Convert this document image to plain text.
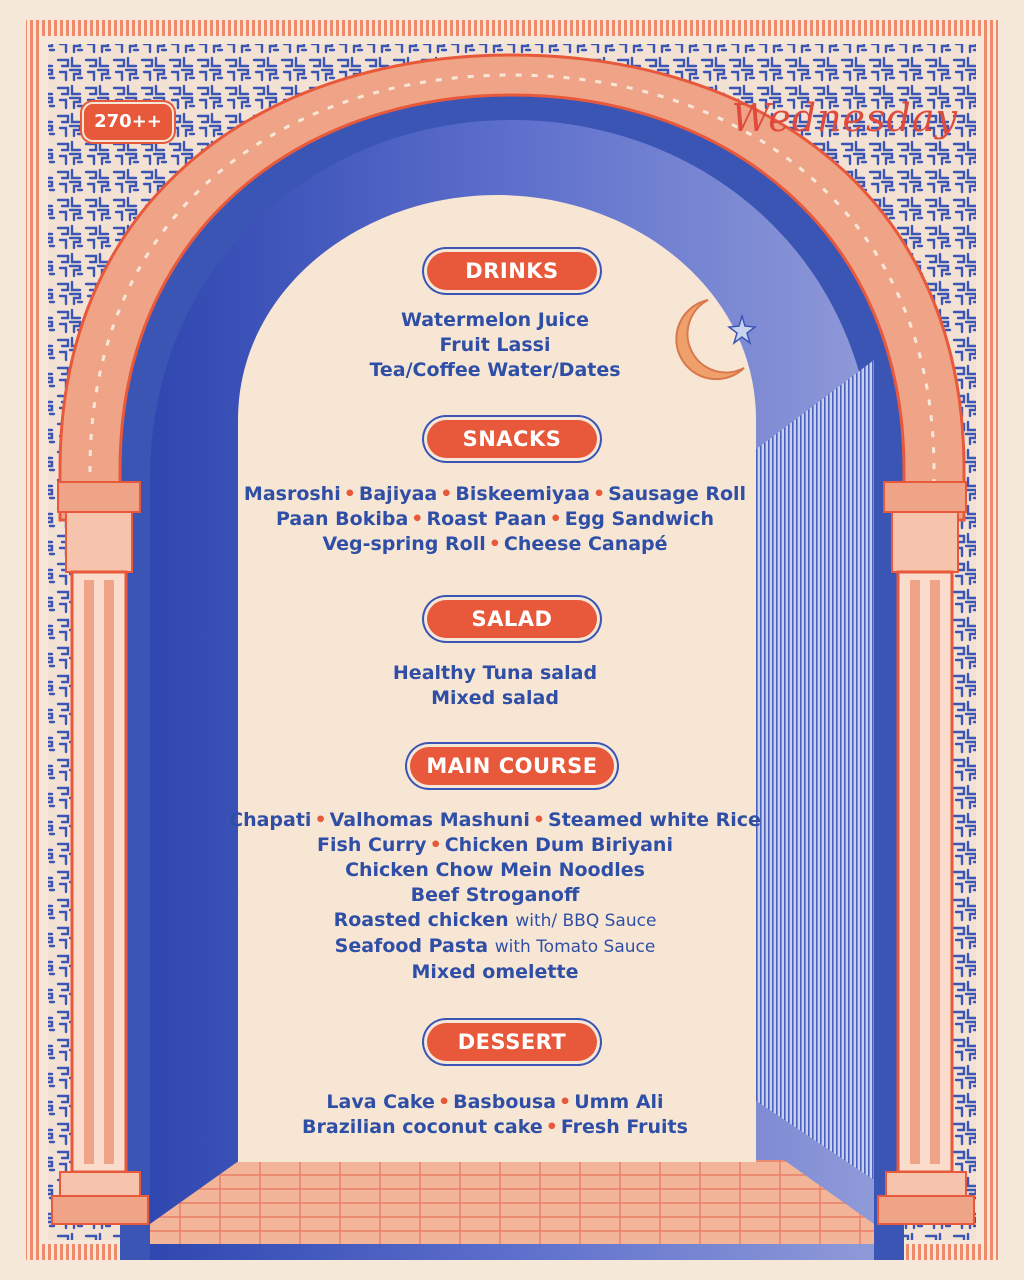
270++	Wednesday
DRINKS
Watermelon Juice
Fruit Lassi
Tea/Coffee Water/Dates
SNACKS
Masroshi • Bajiyaa • Biskeemiyaa • Sausage Roll
Paan Bokiba • Roast Paan • Egg Sandwich
Veg-spring Roll • Cheese Canapé
SALAD
Healthy Tuna salad
Mixed salad
MAIN COURSE
Chapati • Valhomas Mashuni • Steamed white Rice
Fish Curry • Chicken Dum Biriyani
Chicken Chow Mein Noodles
Beef Stroganoff
Roasted chicken with/ BBQ Sauce
Seafood Pasta with Tomato Sauce
Mixed omelette
DESSERT
Lava Cake • Basbousa • Umm Ali
Brazilian coconut cake • Fresh Fruits
